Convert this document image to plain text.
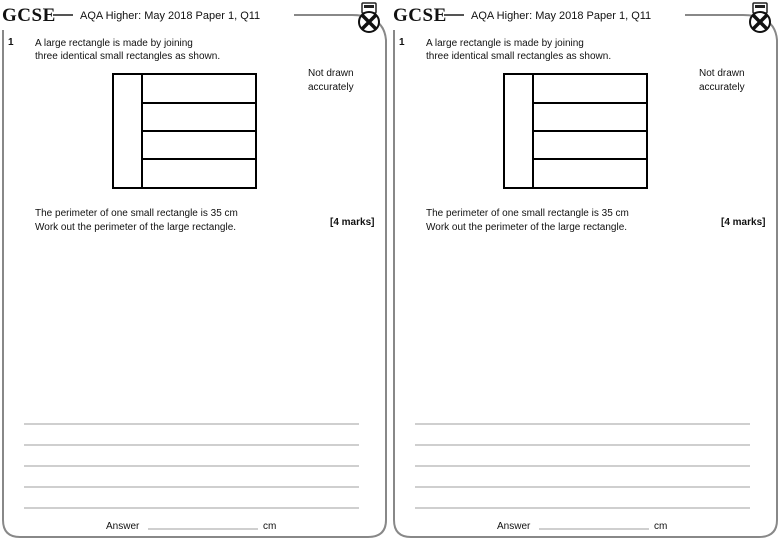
GCSE AQA Higher: May 2018 Paper 1, Q11
1 A large rectangle is made by joining
three identical small rectangles as shown.
Not drawn
accurately
The perimeter of one small rectangle is 35 cm
Work out the perimeter of the large rectangle.	[4 marks]
Answer	cm
GCSE AQA Higher: May 2018 Paper 1, Q11
1 A large rectangle is made by joining
three identical small rectangles as shown.
Not drawn
accurately
The perimeter of one small rectangle is 35 cm
Work out the perimeter of the large rectangle.	[4 marks]
Answer	cm
